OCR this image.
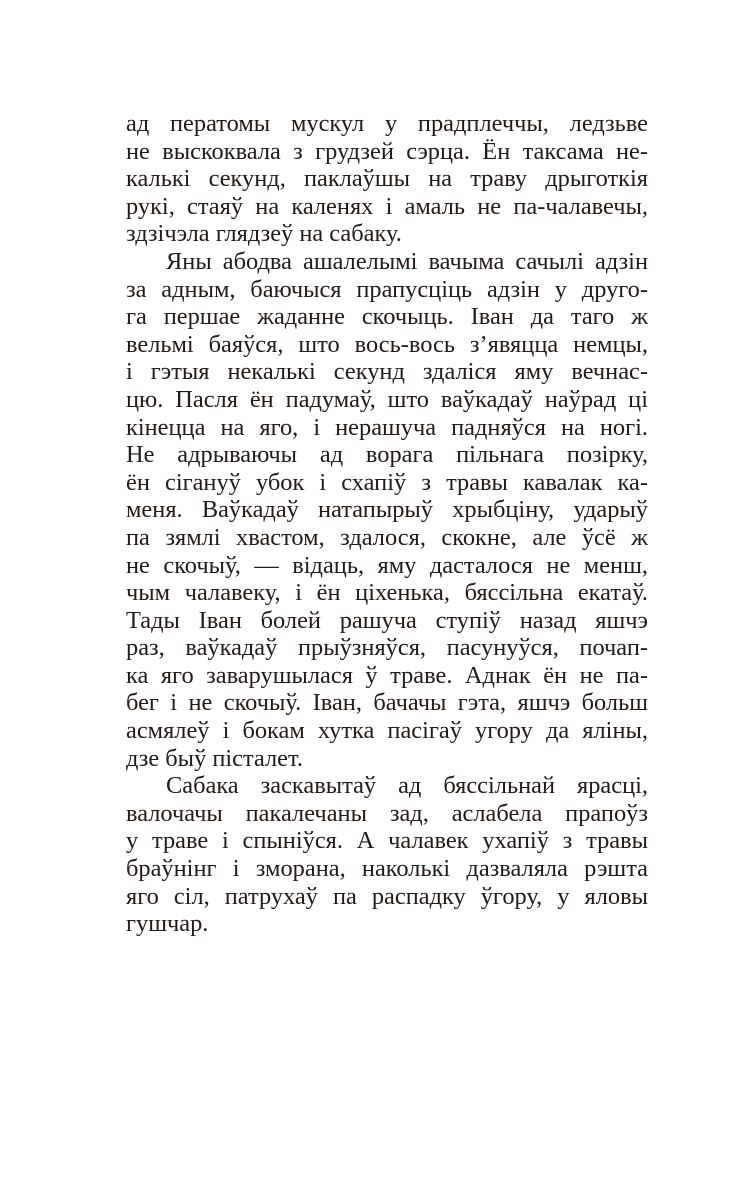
ад ператомы мускул у прадплеччы, ледзьве
не выскоквала з грудзей сэрца. Ён таксама не-
калькі секунд, паклаўшы на траву дрыготкія
рукі, стаяў на каленях і амаль не па-чалавечы,
здзічэла глядзеў на сабаку.
Яны абодва ашалелымі вачыма сачылі адзін
за адным, баючыся прапусціць адзін у друго-
га першае жаданне скочыць. Іван да таго ж
вельмі баяўся, што вось-вось з’явяцца немцы,
і гэтыя некалькі секунд здаліся яму вечнас-
цю. Пасля ён падумаў, што ваўкадаў наўрад ці
кінецца на яго, і нерашуча падняўся на ногі.
Не адрываючы ад ворага пільнага позірку,
ён сігануў убок і схапіў з травы кавалак ка-
меня. Ваўкадаў натапырыў хрыбціну, ударыў
па зямлі хвастом, здалося, скокне, але ўсё ж
не скочыў, — відаць, яму дасталося не менш,
чым чалавеку, і ён ціхенька, бяссільна екатаў.
Тады Іван болей рашуча ступіў назад яшчэ
раз, ваўкадаў прыўзняўся, пасунуўся, почап-
ка яго заварушылася ў траве. Аднак ён не па-
бег і не скочыў. Іван, бачачы гэта, яшчэ больш
асмялеў і бокам хутка пасігаў угору да яліны,
дзе быў пісталет.
Сабака заскавытаў ад бяссільнай ярасці,
валочачы пакалечаны зад, аслабела прапоўз
у траве і спыніўся. А чалавек ухапіў з травы
браўнінг і зморана, наколькі дазваляла рэшта
яго сіл, патрухаў па распадку ўгору, у яловы
гушчар.
